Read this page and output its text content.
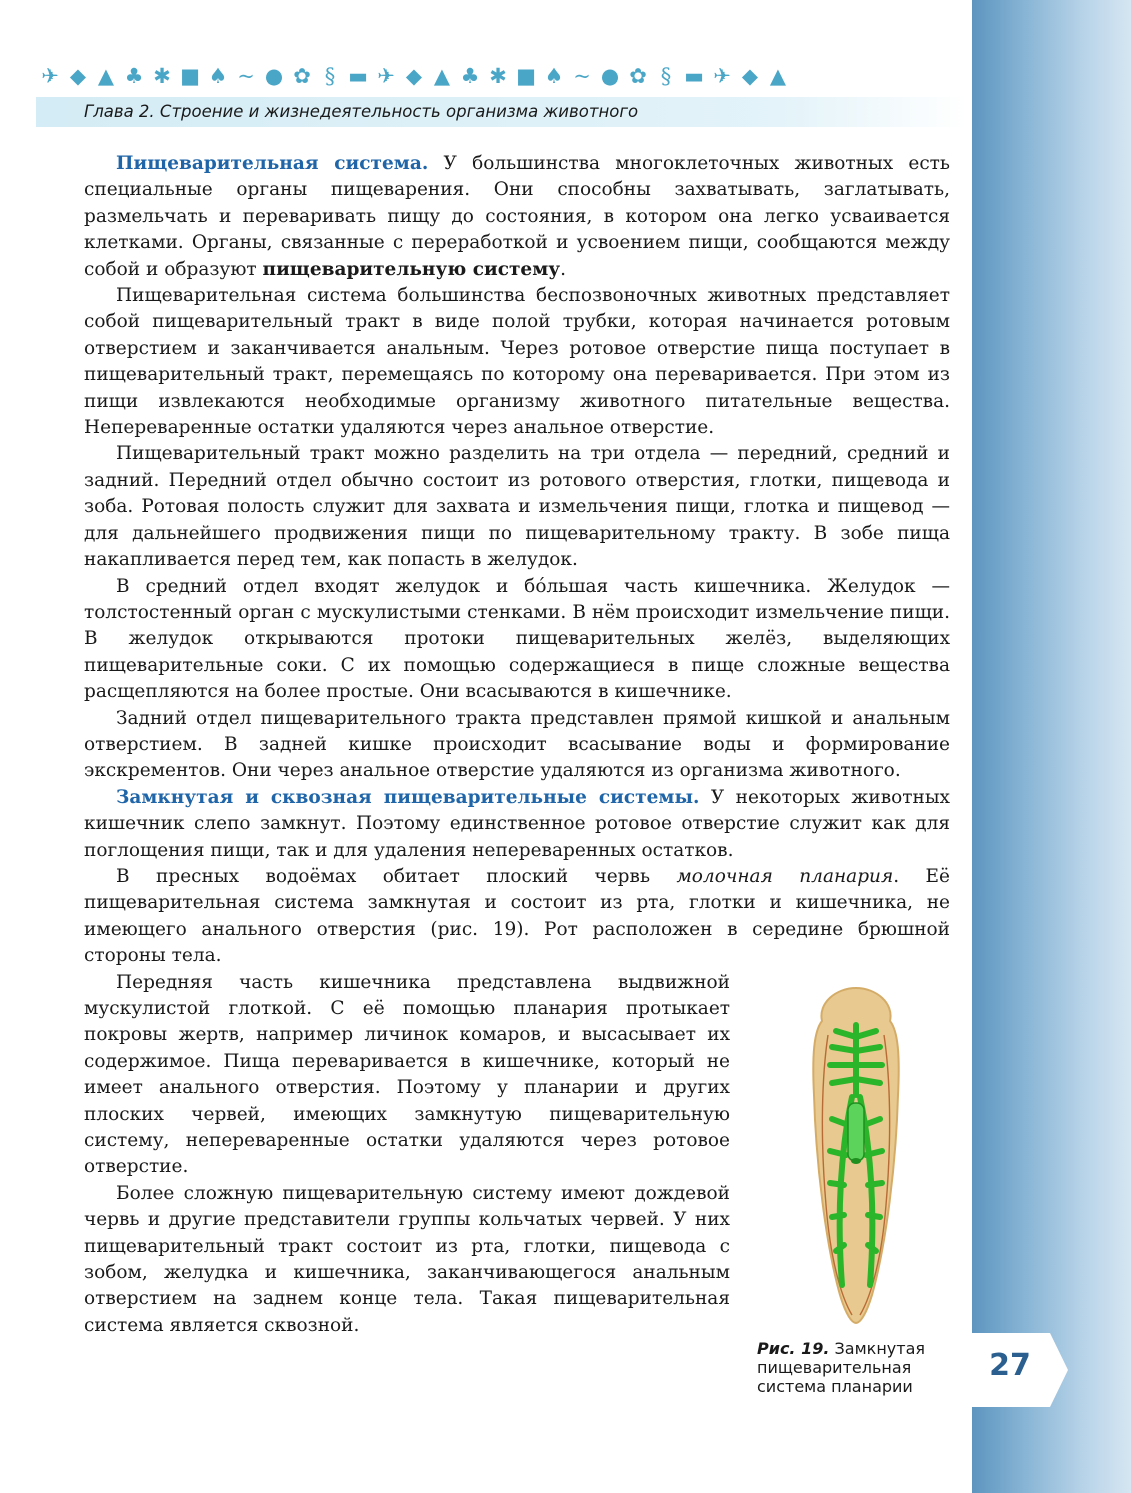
✈ ◆ ▲ ♣ ✱ ■ ♠ ~ ● ✿ § ▬ ✈ ◆ ▲ ♣ ✱ ■ ♠ ~ ● ✿ § ▬ ✈ ◆ ▲
Глава 2. Строение и жизнедеятельность организма животного

Пищеварительная система. У большинства многоклеточных животных есть специальные органы пищеварения. Они способны захватывать, заглатывать, размельчать и переваривать пищу до состояния, в котором она легко усваивается клетками. Органы, связанные с переработкой и усвоением пищи, сообщаются между собой и образуют пищеварительную систему.

Пищеварительная система большинства беспозвоночных животных представляет собой пищеварительный тракт в виде полой трубки, которая начинается ротовым отверстием и заканчивается анальным. Через ротовое отверстие пища поступает в пищеварительный тракт, перемещаясь по которому она переваривается. При этом из пищи извлекаются необходимые организму животного питательные вещества. Непереваренные остатки удаляются через анальное отверстие.

Пищеварительный тракт можно разделить на три отдела — передний, средний и задний. Передний отдел обычно состоит из ротового отверстия, глотки, пищевода и зоба. Ротовая полость служит для захвата и измельчения пищи, глотка и пищевод — для дальнейшего продвижения пищи по пищеварительному тракту. В зобе пища накапливается перед тем, как попасть в желудок.

В средний отдел входят желудок и бóльшая часть кишечника. Желудок — толстостенный орган с мускулистыми стенками. В нём происходит измельчение пищи. В желудок открываются протоки пищеварительных желёз, выделяющих пищеварительные соки. С их помощью содержащиеся в пище сложные вещества расщепляются на более простые. Они всасываются в кишечнике.

Задний отдел пищеварительного тракта представлен прямой кишкой и анальным отверстием. В задней кишке происходит всасывание воды и формирование экскрементов. Они через анальное отверстие удаляются из организма животного.

Замкнутая и сквозная пищеварительные системы. У некоторых животных кишечник слепо замкнут. Поэтому единственное ротовое отверстие служит как для поглощения пищи, так и для удаления непереваренных остатков.

В пресных водоёмах обитает плоский червь молочная планария. Её пищеварительная система замкнутая и состоит из рта, глотки и кишечника, не имеющего анального отверстия (рис. 19). Рот расположен в середине брюшной стороны тела.

Передняя часть кишечника представлена выдвижной мускулистой глоткой. С её помощью планария протыкает покровы жертв, например личинок комаров, и высасывает их содержимое. Пища переваривается в кишечнике, который не имеет анального отверстия. Поэтому у планарии и других плоских червей, имеющих замкнутую пищеварительную систему, непереваренные остатки удаляются через ротовое отверстие.

Более сложную пищеварительную систему имеют дождевой червь и другие представители группы кольчатых червей. У них пищеварительный тракт состоит из рта, глотки, пищевода с зобом, желудка и кишечника, заканчивающегося анальным отверстием на заднем конце тела. Такая пищеварительная система является сквозной.

Рис. 19. Замкнутая пищеварительная система планарии
27
